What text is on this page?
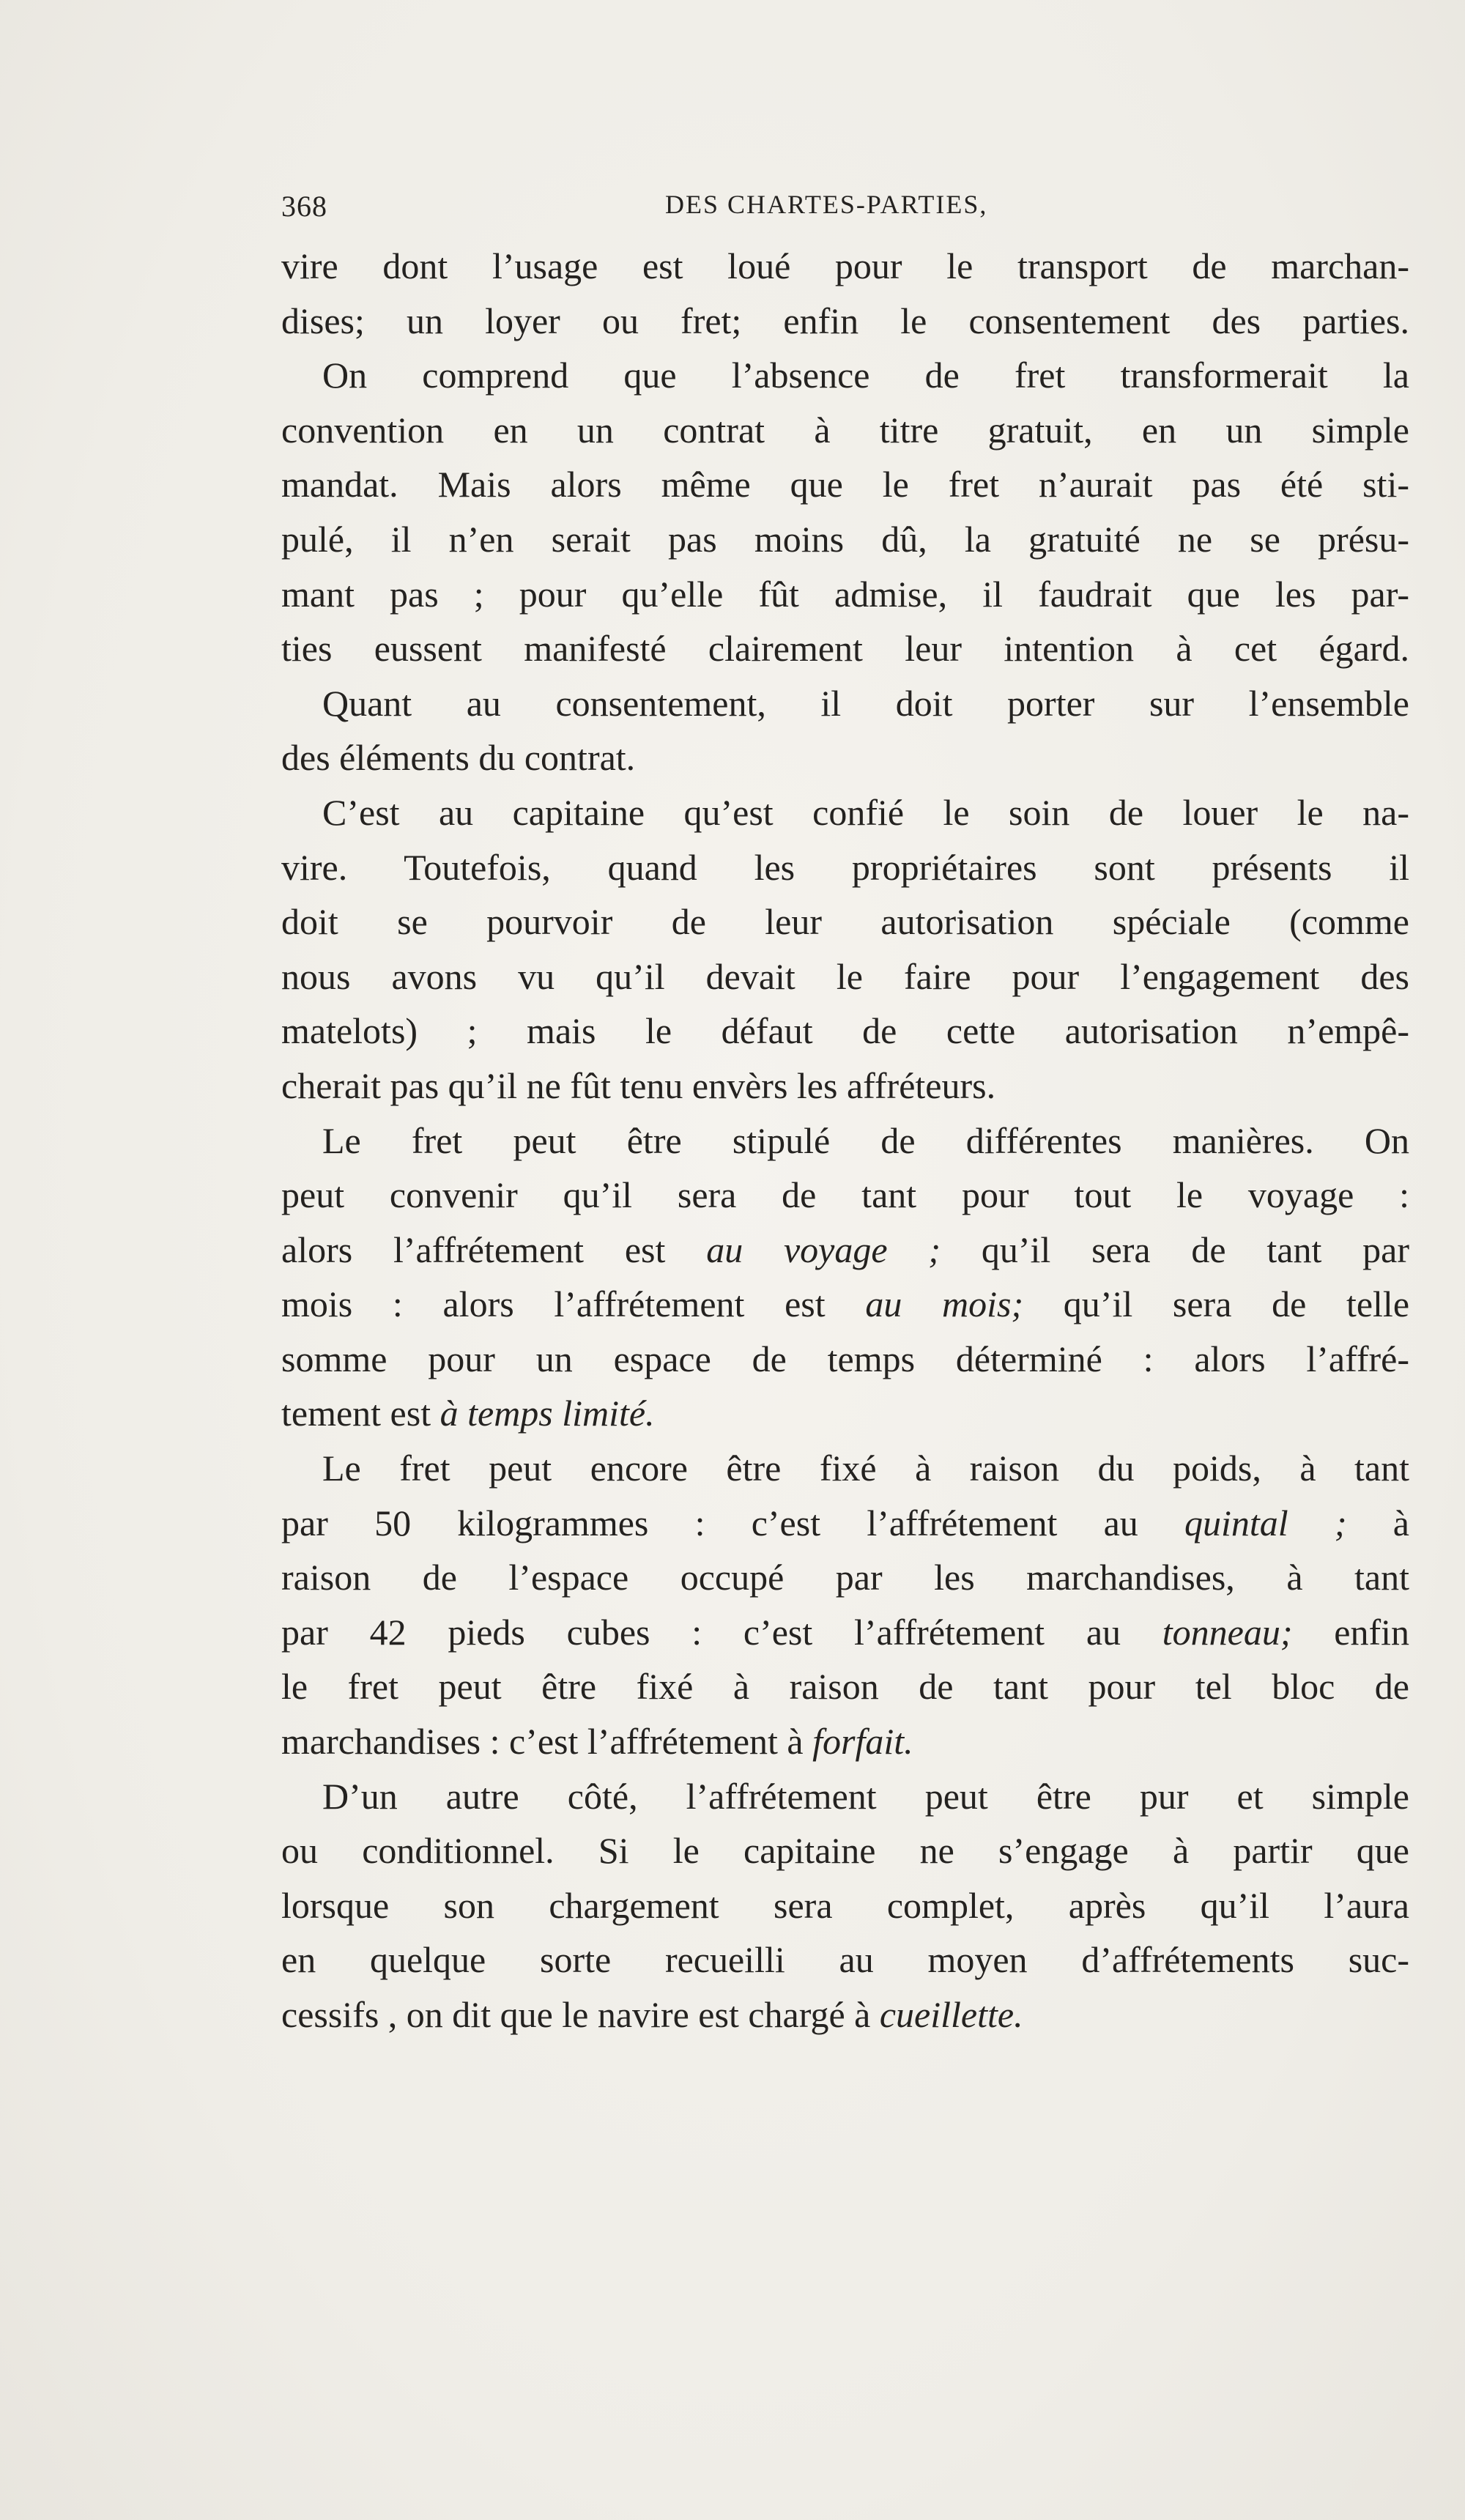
368	DES CHARTES-PARTIES,
vire dont l’usage est loué pour le transport de marchan-
dises; un loyer ou fret; enfin le consentement des parties.
On comprend que l’absence de fret transformerait la
convention en un contrat à titre gratuit, en un simple
mandat. Mais alors même que le fret n’aurait pas été sti-
pulé, il n’en serait pas moins dû, la gratuité ne se présu-
mant pas ; pour qu’elle fût admise, il faudrait que les par-
ties eussent manifesté clairement leur intention à cet égard.
Quant au consentement, il doit porter sur l’ensemble
des éléments du contrat.
C’est au capitaine qu’est confié le soin de louer le na-
vire. Toutefois, quand les propriétaires sont présents il
doit se pourvoir de leur autorisation spéciale (comme
nous avons vu qu’il devait le faire pour l’engagement des
matelots) ; mais le défaut de cette autorisation n’empê-
cherait pas qu’il ne fût tenu envèrs les affréteurs.
Le fret peut être stipulé de différentes manières. On
peut convenir qu’il sera de tant pour tout le voyage :
alors l’affrétement est au voyage ; qu’il sera de tant par
mois : alors l’affrétement est au mois; qu’il sera de telle
somme pour un espace de temps déterminé : alors l’affré-
tement est à temps limité.
Le fret peut encore être fixé à raison du poids, à tant
par 50 kilogrammes : c’est l’affrétement au quintal ; à
raison de l’espace occupé par les marchandises, à tant
par 42 pieds cubes : c’est l’affrétement au tonneau; enfin
le fret peut être fixé à raison de tant pour tel bloc de
marchandises : c’est l’affrétement à forfait.
D’un autre côté, l’affrétement peut être pur et simple
ou conditionnel. Si le capitaine ne s’engage à partir que
lorsque son chargement sera complet, après qu’il l’aura
en quelque sorte recueilli au moyen d’affrétements suc-
cessifs , on dit que le navire est chargé à cueillette.
